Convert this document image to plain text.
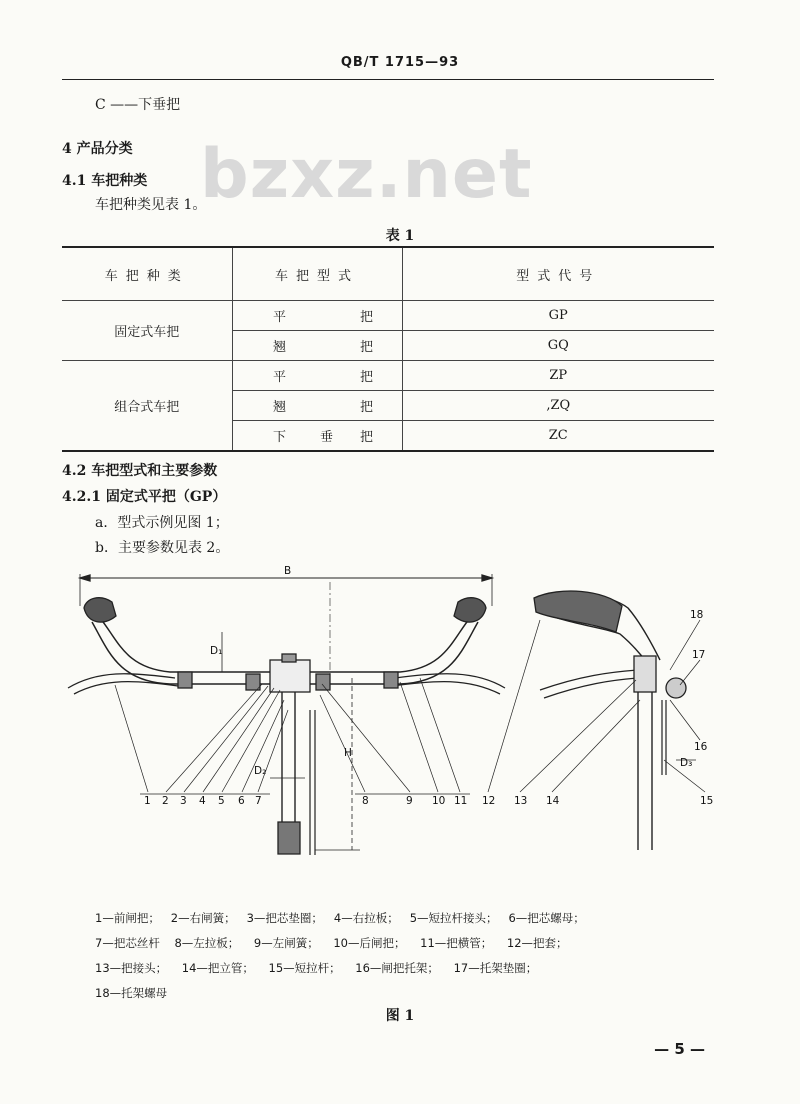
QB/T 1715—93
bzxz.net
C ——下垂把
4 产品分类
4.1 车把种类
车把种类见表 1。
表 1
车把种类	车把型式	型式代号
固定式车把	平 把	GP
	翘 把	GQ
组合式车把	平 把	ZP
	翘 把	,ZQ
	下 垂 把	ZC
4.2 车把型式和主要参数
4.2.1 固定式平把（GP）
a．型式示例见图 1；
b．主要参数见表 2。
B
D₁
D₂
H
D₃
1 2 3 4 5 6 7	8	9 10 11 12 13 14	15
16
17
18
1—前闸把； 2—右闸簧； 3—把芯垫圈； 4—右拉板； 5—短拉杆接头； 6—把芯螺母；
7—把芯丝杆 8—左拉板； 9—左闸簧； 10—后闸把； 11—把横管； 12—把套；
13—把接头； 14—把立管； 15—短拉杆； 16—闸把托架； 17—托架垫圈；
18—托架螺母
图 1
— 5 —
